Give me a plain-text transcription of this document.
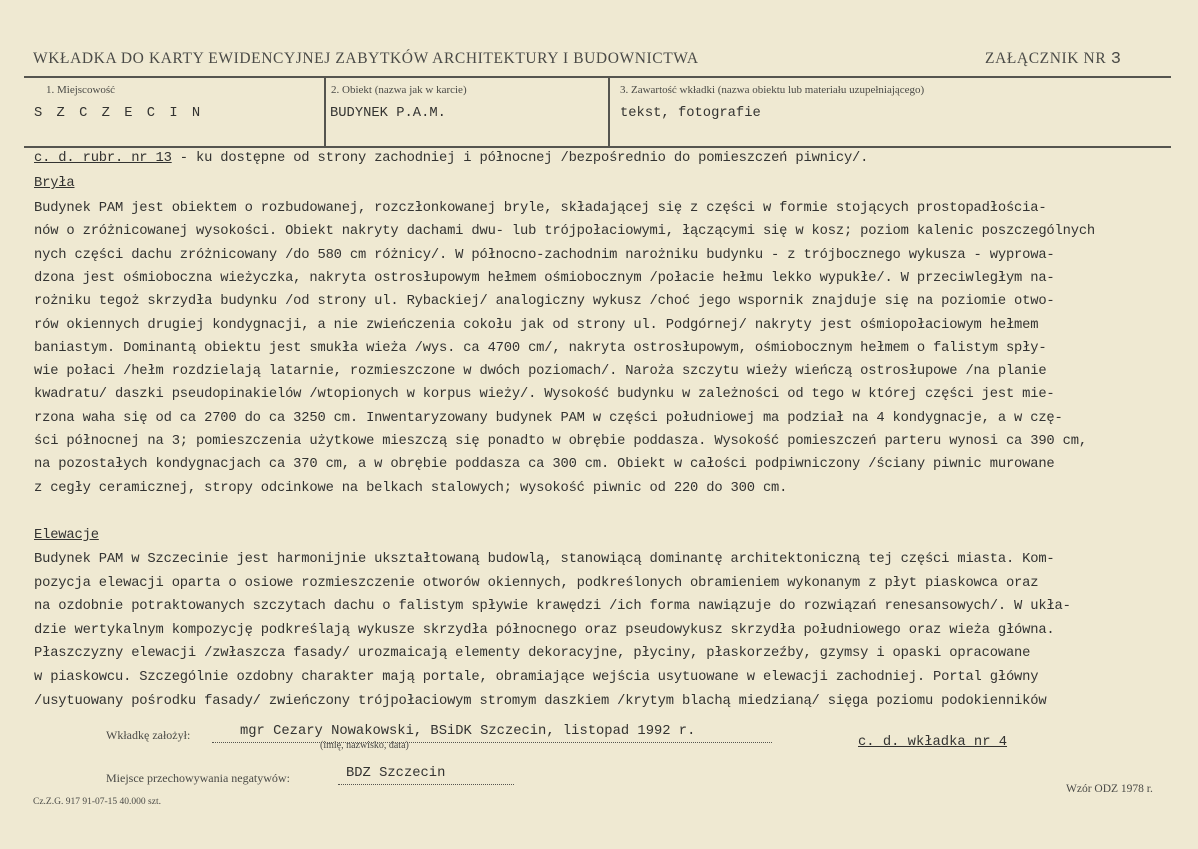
WKŁADKA DO KARTY EWIDENCYJNEJ ZABYTKÓW ARCHITEKTURY I BUDOWNICTWA	ZAŁĄCZNIK NR 3
1. Miejscowość
S Z C Z E C I N
2. Obiekt (nazwa jak w karcie)
BUDYNEK P.A.M.
3. Zawartość wkładki (nazwa obiektu lub materiału uzupełniającego)
tekst, fotografie
c. d. rubr. nr 13 - ku dostępne od strony zachodniej i północnej /bezpośrednio do pomieszczeń piwnicy/.
Bryła
Budynek PAM jest obiektem o rozbudowanej, rozczłonkowanej bryle, składającej się z części w formie stojących prostopadłościa-
nów o zróżnicowanej wysokości. Obiekt nakryty dachami dwu- lub trójpołaciowymi, łączącymi się w kosz; poziom kalenic poszczególnych
nych części dachu zróżnicowany /do 580 cm różnicy/. W północno-zachodnim narożniku budynku - z trójbocznego wykusza - wyprowa-
dzona jest ośmioboczna wieżyczka, nakryta ostrosłupowym hełmem ośmiobocznym /połacie hełmu lekko wypukłe/. W przeciwległym na-
rożniku tegoż skrzydła budynku /od strony ul. Rybackiej/ analogiczny wykusz /choć jego wspornik znajduje się na poziomie otwo-
rów okiennych drugiej kondygnacji, a nie zwieńczenia cokołu jak od strony ul. Podgórnej/ nakryty jest ośmiopołaciowym hełmem
baniastym. Dominantą obiektu jest smukła wieża /wys. ca 4700 cm/, nakryta ostrosłupowym, ośmiobocznym hełmem o falistym spły-
wie połaci /hełm rozdzielają latarnie, rozmieszczone w dwóch poziomach/. Naroża szczytu wieży wieńczą ostrosłupowe /na planie
kwadratu/ daszki pseudopinakielów /wtopionych w korpus wieży/. Wysokość budynku w zależności od tego w której części jest mie-
rzona waha się od ca 2700 do ca 3250 cm. Inwentaryzowany budynek PAM w części południowej ma podział na 4 kondygnacje, a w czę-
ści północnej na 3; pomieszczenia użytkowe mieszczą się ponadto w obrębie poddasza. Wysokość pomieszczeń parteru wynosi ca 390 cm,
na pozostałych kondygnacjach ca 370 cm, a w obrębie poddasza ca 300 cm. Obiekt w całości podpiwniczony /ściany piwnic murowane
z cegły ceramicznej, stropy odcinkowe na belkach stalowych; wysokość piwnic od 220 do 300 cm.
Elewacje
Budynek PAM w Szczecinie jest harmonijnie ukształtowaną budowlą, stanowiącą dominantę architektoniczną tej części miasta. Kom-
pozycja elewacji oparta o osiowe rozmieszczenie otworów okiennych, podkreślonych obramieniem wykonanym z płyt piaskowca oraz
na ozdobnie potraktowanych szczytach dachu o falistym spływie krawędzi /ich forma nawiązuje do rozwiązań renesansowych/. W ukła-
dzie wertykalnym kompozycję podkreślają wykusze skrzydła północnego oraz pseudowykusz skrzydła południowego oraz wieża główna.
Płaszczyzny elewacji /zwłaszcza fasady/ urozmaicają elementy dekoracyjne, płyciny, płaskorzeźby, gzymsy i opaski opracowane
w piaskowcu. Szczególnie ozdobny charakter mają portale, obramiające wejścia usytuowane w elewacji zachodniej. Portal główny
/usytuowany pośrodku fasady/ zwieńczony trójpołaciowym stromym daszkiem /krytym blachą miedzianą/ sięga poziomu podokienników
Wkładkę założył:	mgr Cezary Nowakowski, BSiDK Szczecin, listopad 1992 r.
(imię, nazwisko, data)	c. d. wkładka nr 4
Miejsce przechowywania negatywów:	BDZ Szczecin
Cz.Z.G. 917 91-07-15 40.000 szt.
Wzór ODZ 1978 r.
